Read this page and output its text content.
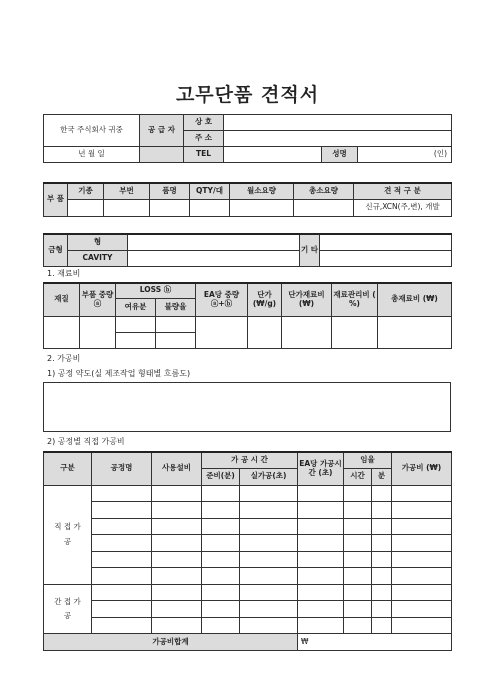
고무단품 견적서
한국 주식회사 귀중	공 급 자	상 호			
		주 소			
년 월 일		TEL		성명	(인)
부 품	기종	부번	품명	QTY/대	월소요량	총소요량	견 적 구 분
							신규,XCN(주,변), 개발
금형	형		기 타	
	CAVITY			
1. 재료비
재질	부품 중량 ⓐ	LOSS ⓑ		EA당 중량 ⓐ+ⓑ	단가 (₩/g)	단가재료비 (₩)	재료관리비 ( %)	총재료비 (₩)
		여유분	불량율					

2. 가공비
1) 공정 약도(실 제조작업 형태별 흐름도)
2) 공정별 직접 가공비
구분	공정명	사용설비	가 공 시 간		EA당 가공시간 (초)	임율		가공비 (₩)
			준비(분)	실가공(초)		시간	분	
직 접 가 공								

간 접 가 공								

가공비합계					₩			
